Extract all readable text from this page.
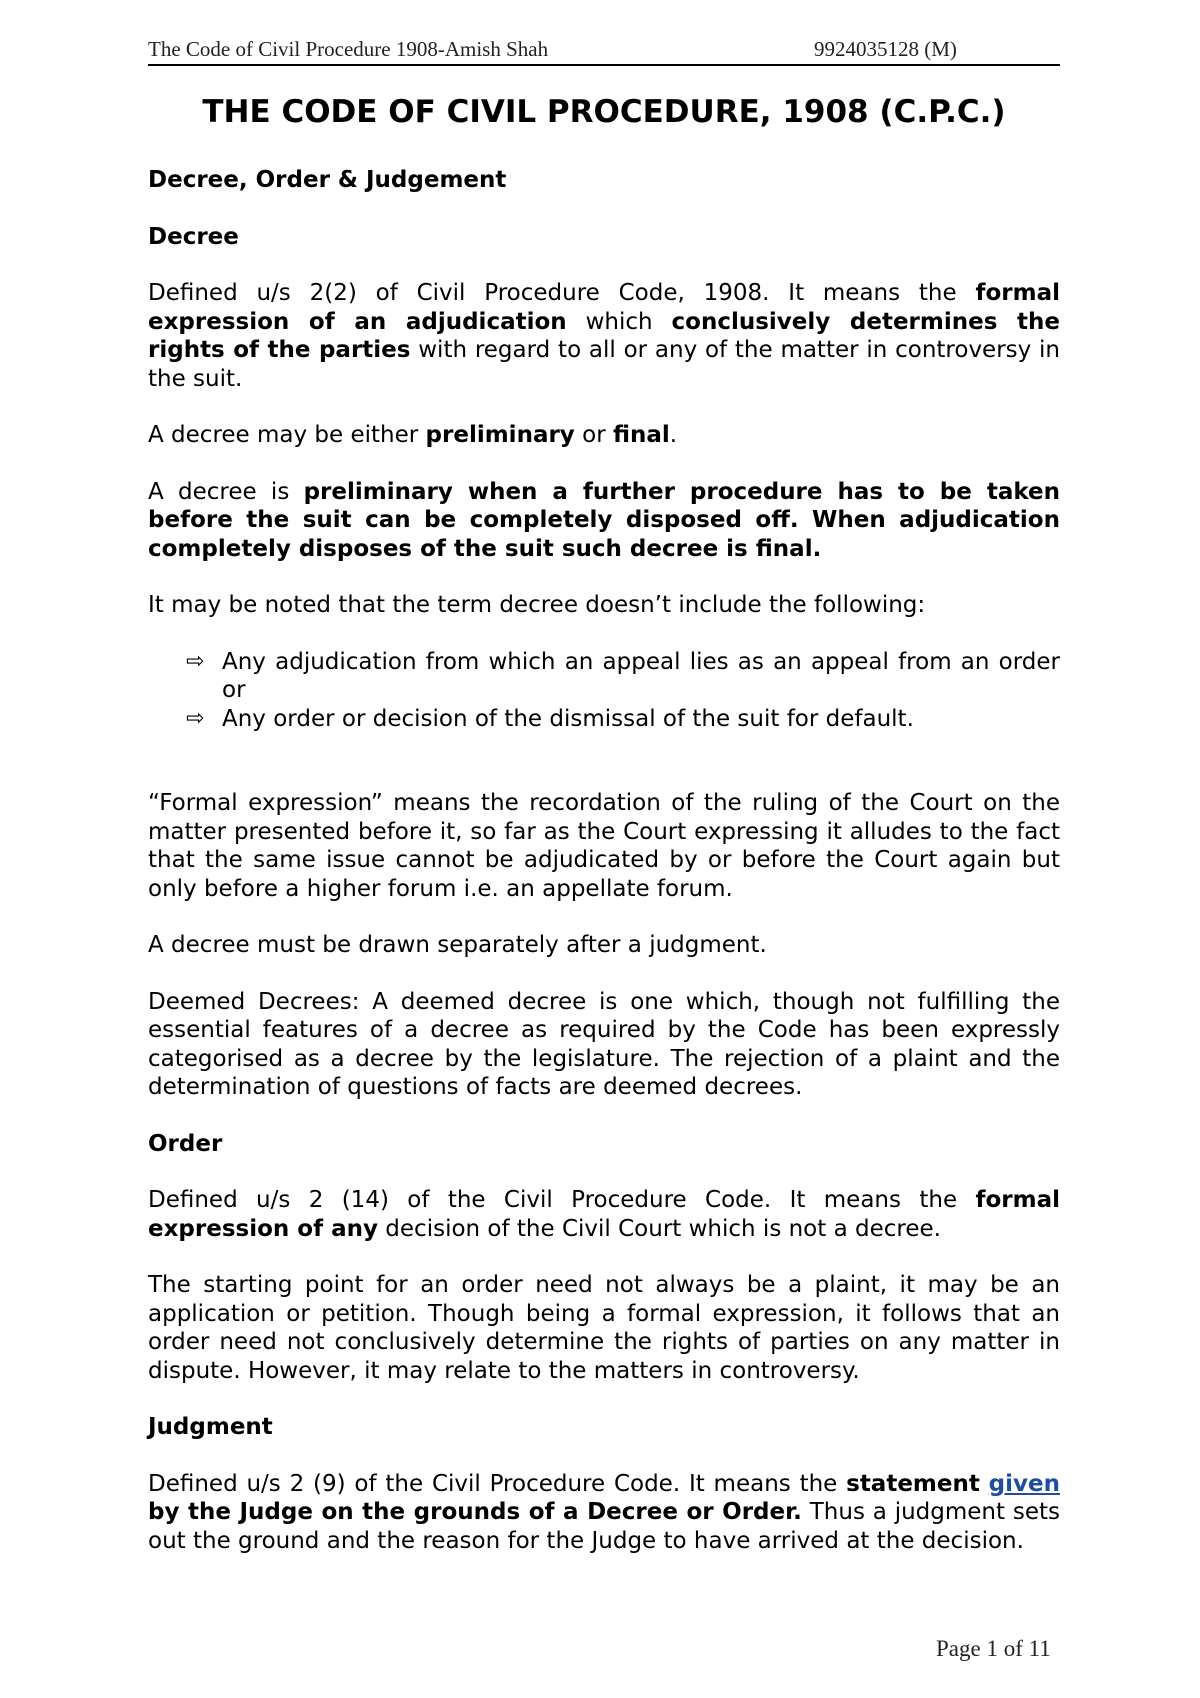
The Code of Civil Procedure 1908-Amish Shah	9924035128 (M)
THE CODE OF CIVIL PROCEDURE, 1908 (C.P.C.)
Decree, Order & Judgement
Decree

Defined u/s 2(2) of Civil Procedure Code, 1908. It means the formal expression of an adjudication which conclusively determines the rights of the parties with regard to all or any of the matter in controversy in the suit.

A decree may be either preliminary or final.

A decree is preliminary when a further procedure has to be taken before the suit can be completely disposed off. When adjudication completely disposes of the suit such decree is final.

It may be noted that the term decree doesn’t include the following:

⇨ Any adjudication from which an appeal lies as an appeal from an order or
⇨ Any order or decision of the dismissal of the suit for default.

“Formal expression” means the recordation of the ruling of the Court on the matter presented before it, so far as the Court expressing it alludes to the fact that the same issue cannot be adjudicated by or before the Court again but only before a higher forum i.e. an appellate forum.

A decree must be drawn separately after a judgment.

Deemed Decrees: A deemed decree is one which, though not fulfilling the essential features of a decree as required by the Code has been expressly categorised as a decree by the legislature. The rejection of a plaint and the determination of questions of facts are deemed decrees.

Order

Defined u/s 2 (14) of the Civil Procedure Code. It means the formal expression of any decision of the Civil Court which is not a decree.

The starting point for an order need not always be a plaint, it may be an application or petition. Though being a formal expression, it follows that an order need not conclusively determine the rights of parties on any matter in dispute. However, it may relate to the matters in controversy.

Judgment

Defined u/s 2 (9) of the Civil Procedure Code. It means the statement given by the Judge on the grounds of a Decree or Order. Thus a judgment sets out the ground and the reason for the Judge to have arrived at the decision.

Page 1 of 11
